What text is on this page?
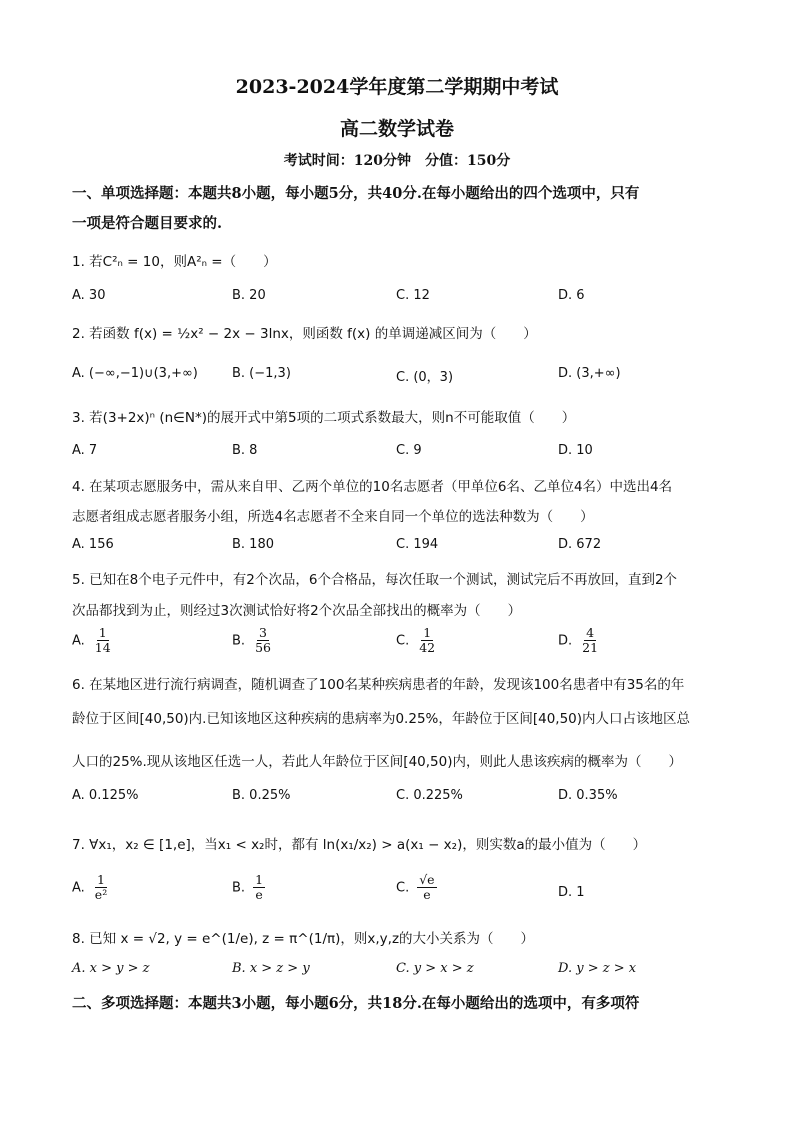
2023-2024学年度第二学期期中考试
高二数学试卷
考试时间：120分钟　分值：150分
一、单项选择题：本题共8小题，每小题5分，共40分.在每小题给出的四个选项中，只有
一项是符合题目要求的.
1. 若C²ₙ = 10，则A²ₙ =（　　）
A. 30	B. 20	C. 12	D. 6
2. 若函数 f(x) = ½x² − 2x − 3lnx，则函数 f(x) 的单调递减区间为（　　）
A. (−∞,−1)∪(3,+∞)	B. (−1,3)	C. (0，3)	D. (3,+∞)
3. 若(3+2x)ⁿ (n∈N*)的展开式中第5项的二项式系数最大，则n不可能取值（　　）
A. 7	B. 8	C. 9	D. 10
4. 在某项志愿服务中，需从来自甲、乙两个单位的10名志愿者（甲单位6名、乙单位4名）中选出4名
志愿者组成志愿者服务小组，所选4名志愿者不全来自同一个单位的选法种数为（　　）
A. 156	B. 180	C. 194	D. 672
5. 已知在8个电子元件中，有2个次品，6个合格品，每次任取一个测试，测试完后不再放回，直到2个
次品都找到为止，则经过3次测试恰好将2个次品全部找出的概率为（　　）
A. $\frac{1}{14}$	B. $\frac{3}{56}$	C. $\frac{1}{42}$	D. $\frac{4}{21}$
6. 在某地区进行流行病调查，随机调查了100名某种疾病患者的年龄，发现该100名患者中有35名的年
龄位于区间[40,50)内.已知该地区这种疾病的患病率为0.25%，年龄位于区间[40,50)内人口占该地区总
人口的25%.现从该地区任选一人，若此人年龄位于区间[40,50)内，则此人患该疾病的概率为（　　）
A. 0.125%	B. 0.25%	C. 0.225%	D. 0.35%
7. ∀x₁，x₂ ∈ [1,e]，当x₁ < x₂时，都有 ln(x₁/x₂) > a(x₁ − x₂)，则实数a的最小值为（　　）
A. $\frac{1}{\text{e²}}$	B. $\frac{1}{e}$	C. $\frac{√e}{e}$	D. 1
8. 已知 x = √2, y = e^(1/e), z = π^(1/π)，则x,y,z的大小关系为（　　）
A. x > y > z	B. x > z > y	C. y > x > z	D. y > z > x
二、多项选择题：本题共3小题，每小题6分，共18分.在每小题给出的选项中，有多项符
